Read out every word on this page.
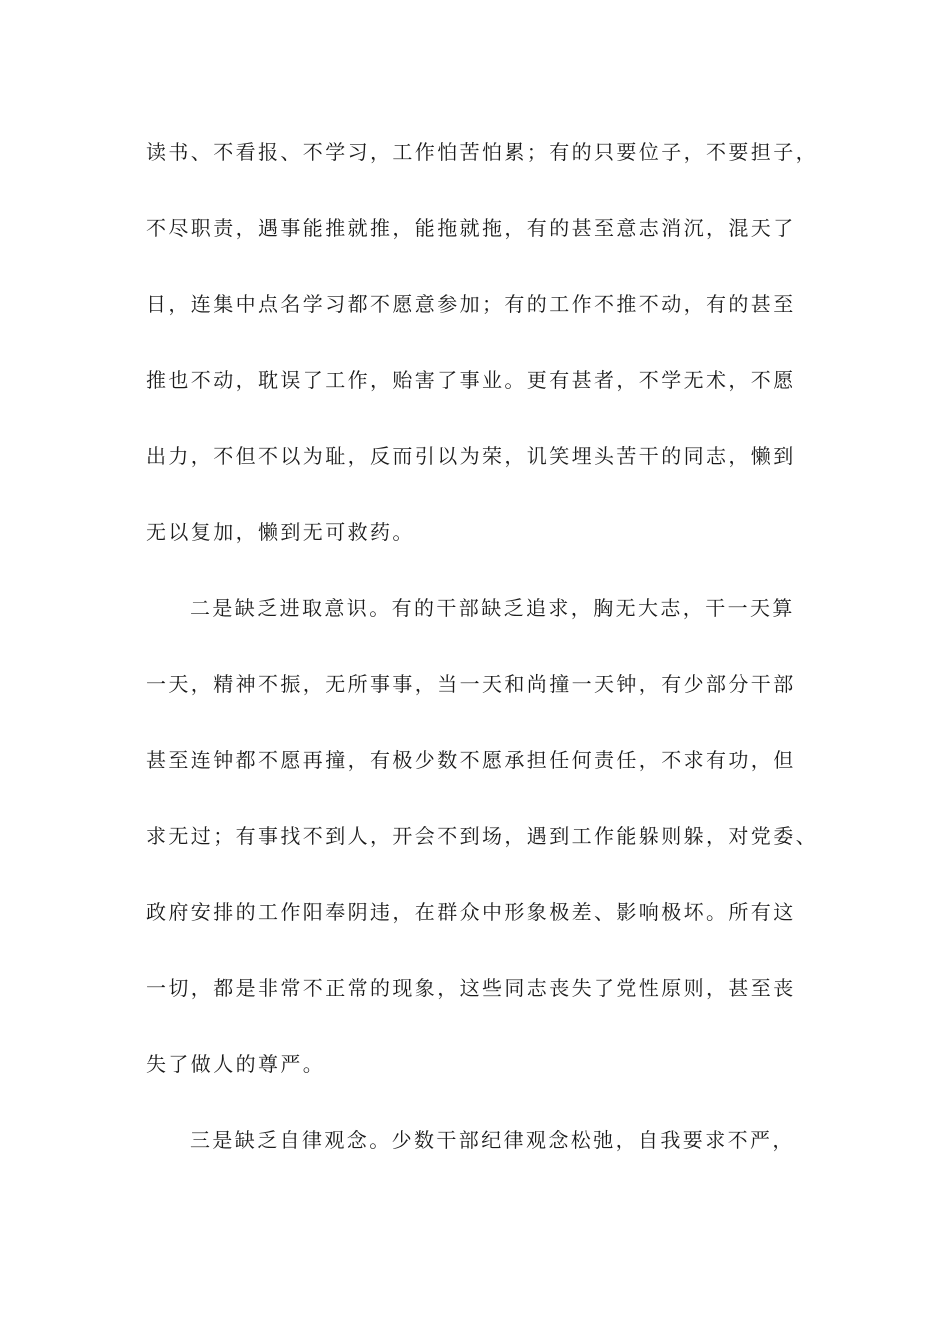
读书、不看报、不学习，工作怕苦怕累；有的只要位子，不要担子，
不尽职责，遇事能推就推，能拖就拖，有的甚至意志消沉，混天了
日，连集中点名学习都不愿意参加；有的工作不推不动，有的甚至
推也不动，耽误了工作，贻害了事业。更有甚者，不学无术，不愿
出力，不但不以为耻，反而引以为荣，讥笑埋头苦干的同志，懒到
无以复加，懒到无可救药。
二是缺乏进取意识。有的干部缺乏追求，胸无大志，干一天算
一天，精神不振，无所事事，当一天和尚撞一天钟，有少部分干部
甚至连钟都不愿再撞，有极少数不愿承担任何责任，不求有功，但
求无过；有事找不到人，开会不到场，遇到工作能躲则躲，对党委、
政府安排的工作阳奉阴违，在群众中形象极差、影响极坏。所有这
一切，都是非常不正常的现象，这些同志丧失了党性原则，甚至丧
失了做人的尊严。
三是缺乏自律观念。少数干部纪律观念松弛，自我要求不严，
